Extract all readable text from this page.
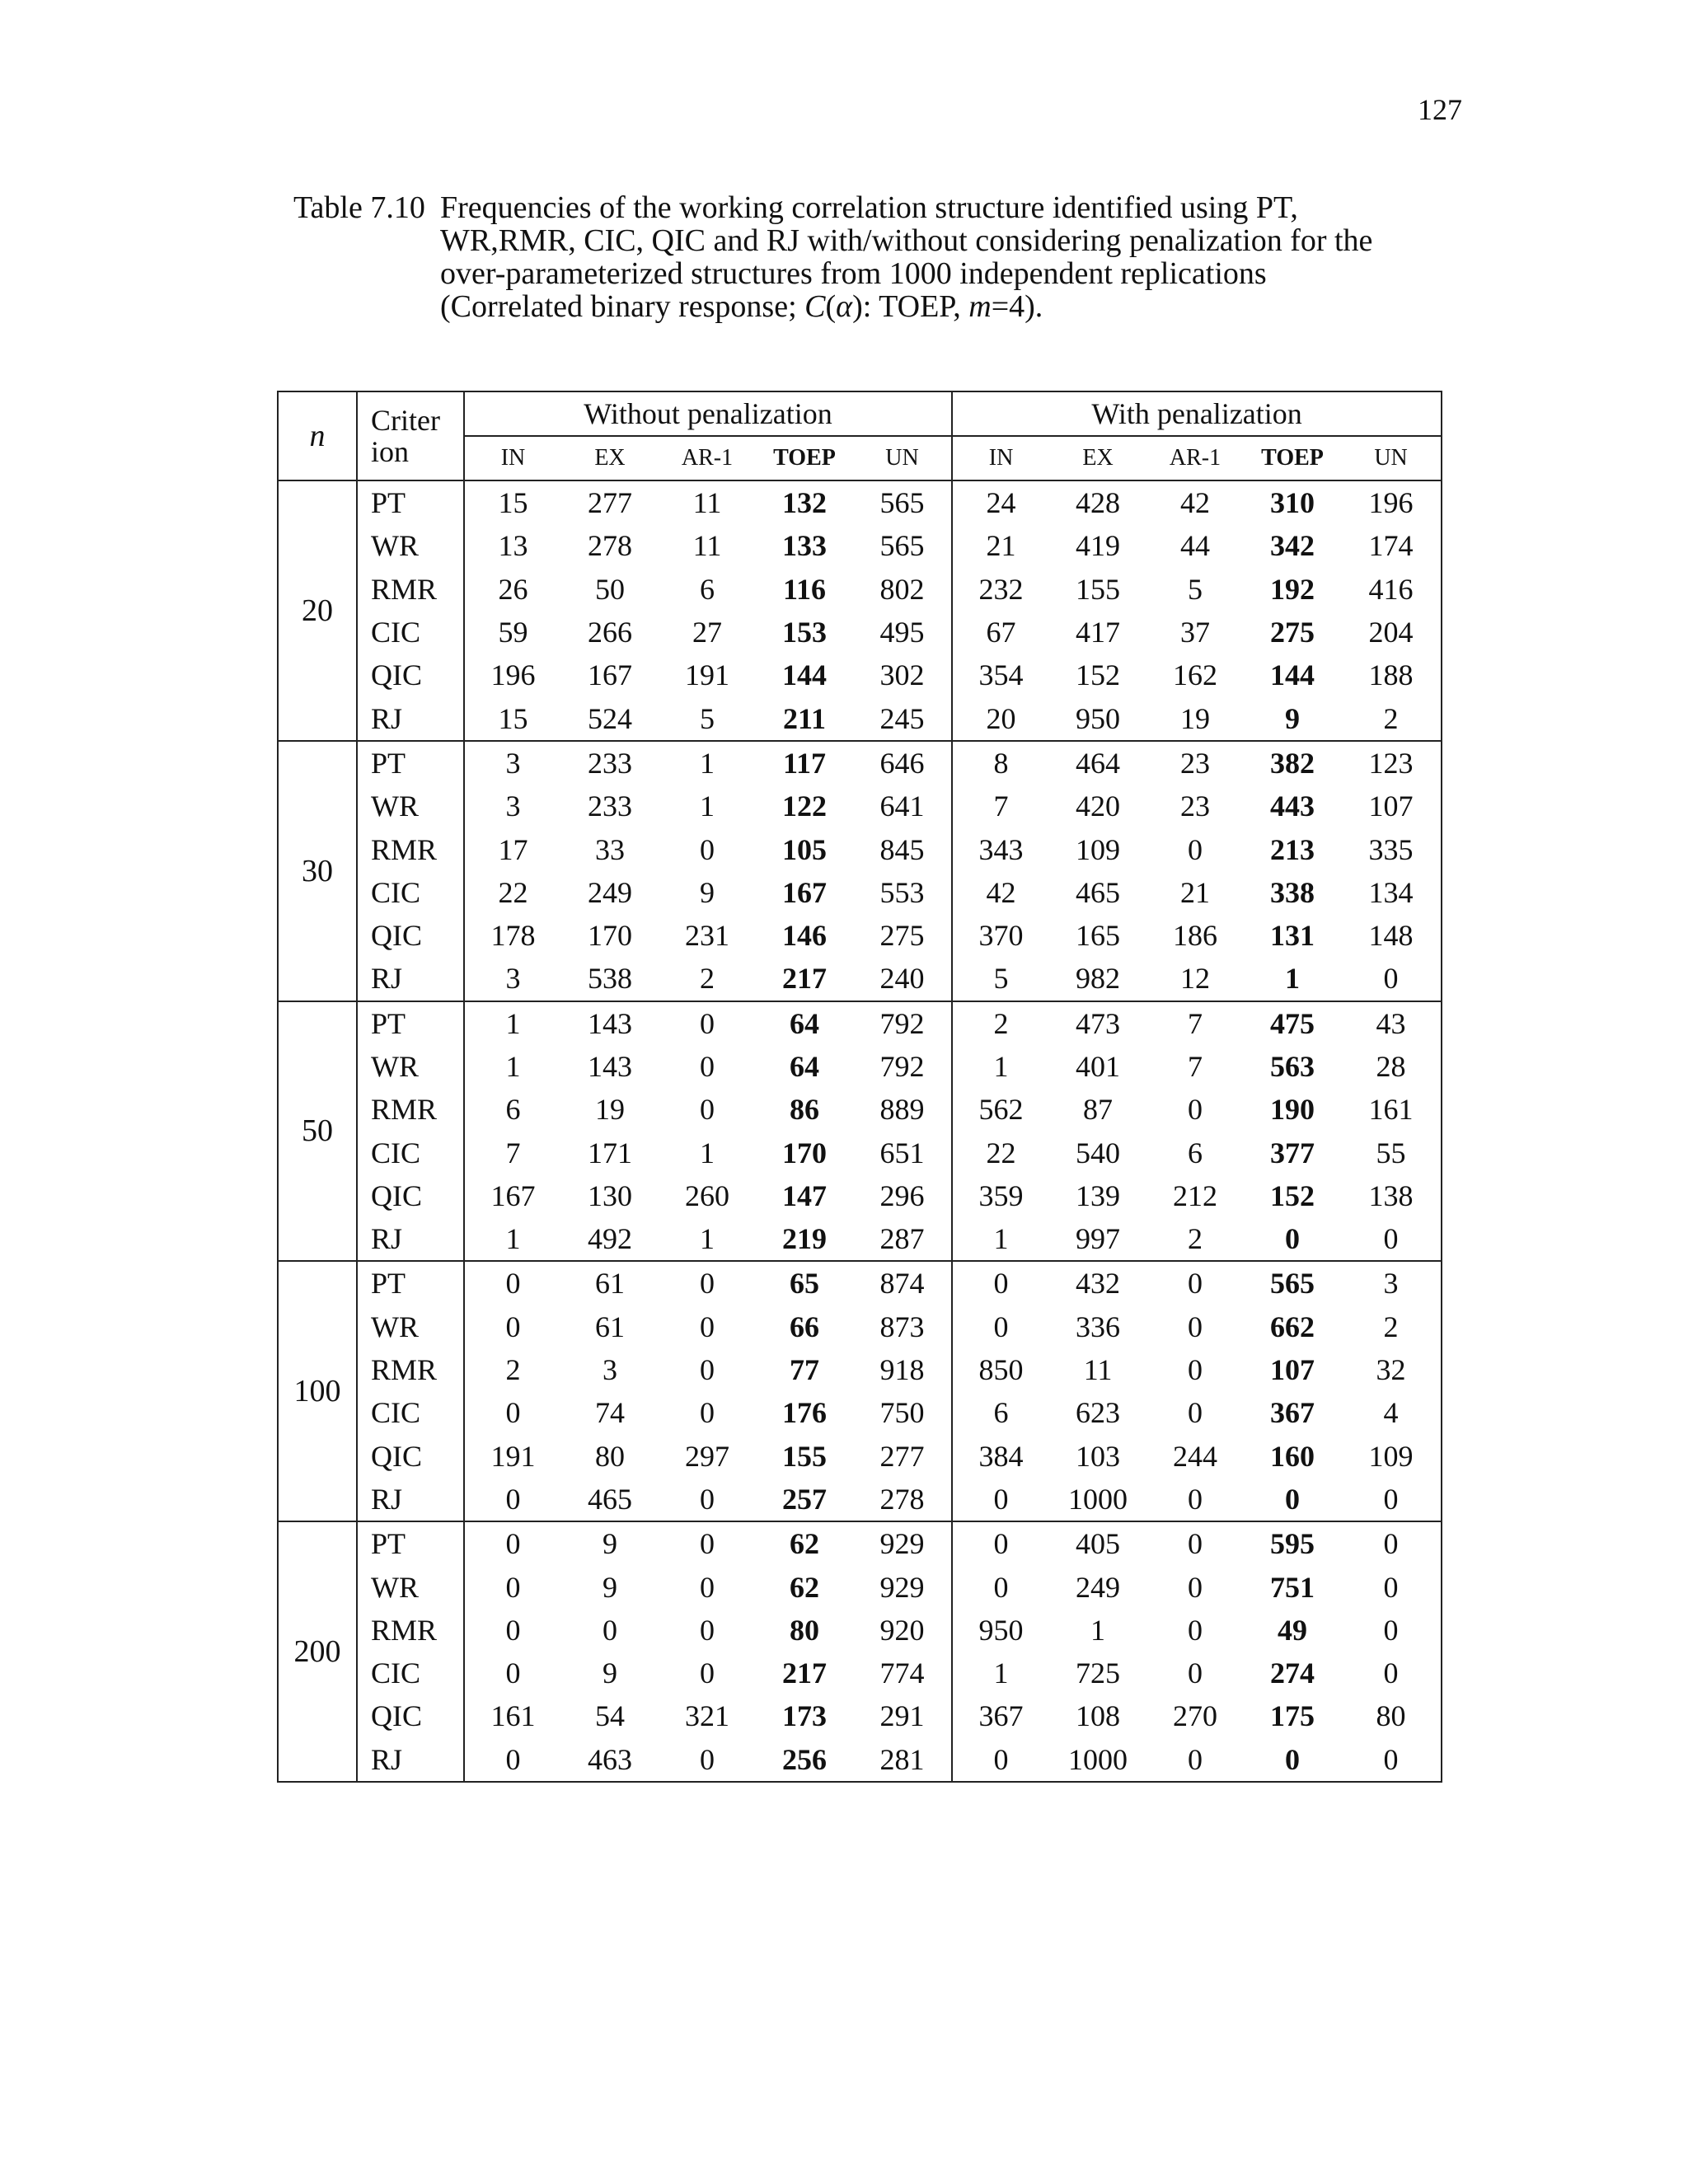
127
Table 7.10 Frequencies of the working correlation structure identified using PT,
WR,RMR, CIC, QIC and RJ with/without considering penalization for the
over-parameterized structures from 1000 independent replications
(Correlated binary response; C(α): TOEP, m=4).
n	Criter
ion	Without penalization					With penalization				
		IN	EX	AR-1	TOEP	UN	IN	EX	AR-1	TOEP	UN
20	PT	15	277	11	132	565	24	428	42	310	196
	WR	13	278	11	133	565	21	419	44	342	174
	RMR	26	50	6	116	802	232	155	5	192	416
	CIC	59	266	27	153	495	67	417	37	275	204
	QIC	196	167	191	144	302	354	152	162	144	188
	RJ	15	524	5	211	245	20	950	19	9	2
30	PT	3	233	1	117	646	8	464	23	382	123
	WR	3	233	1	122	641	7	420	23	443	107
	RMR	17	33	0	105	845	343	109	0	213	335
	CIC	22	249	9	167	553	42	465	21	338	134
	QIC	178	170	231	146	275	370	165	186	131	148
	RJ	3	538	2	217	240	5	982	12	1	0
50	PT	1	143	0	64	792	2	473	7	475	43
	WR	1	143	0	64	792	1	401	7	563	28
	RMR	6	19	0	86	889	562	87	0	190	161
	CIC	7	171	1	170	651	22	540	6	377	55
	QIC	167	130	260	147	296	359	139	212	152	138
	RJ	1	492	1	219	287	1	997	2	0	0
100	PT	0	61	0	65	874	0	432	0	565	3
	WR	0	61	0	66	873	0	336	0	662	2
	RMR	2	3	0	77	918	850	11	0	107	32
	CIC	0	74	0	176	750	6	623	0	367	4
	QIC	191	80	297	155	277	384	103	244	160	109
	RJ	0	465	0	257	278	0	1000	0	0	0
200	PT	0	9	0	62	929	0	405	0	595	0
	WR	0	9	0	62	929	0	249	0	751	0
	RMR	0	0	0	80	920	950	1	0	49	0
	CIC	0	9	0	217	774	1	725	0	274	0
	QIC	161	54	321	173	291	367	108	270	175	80
	RJ	0	463	0	256	281	0	1000	0	0	0
